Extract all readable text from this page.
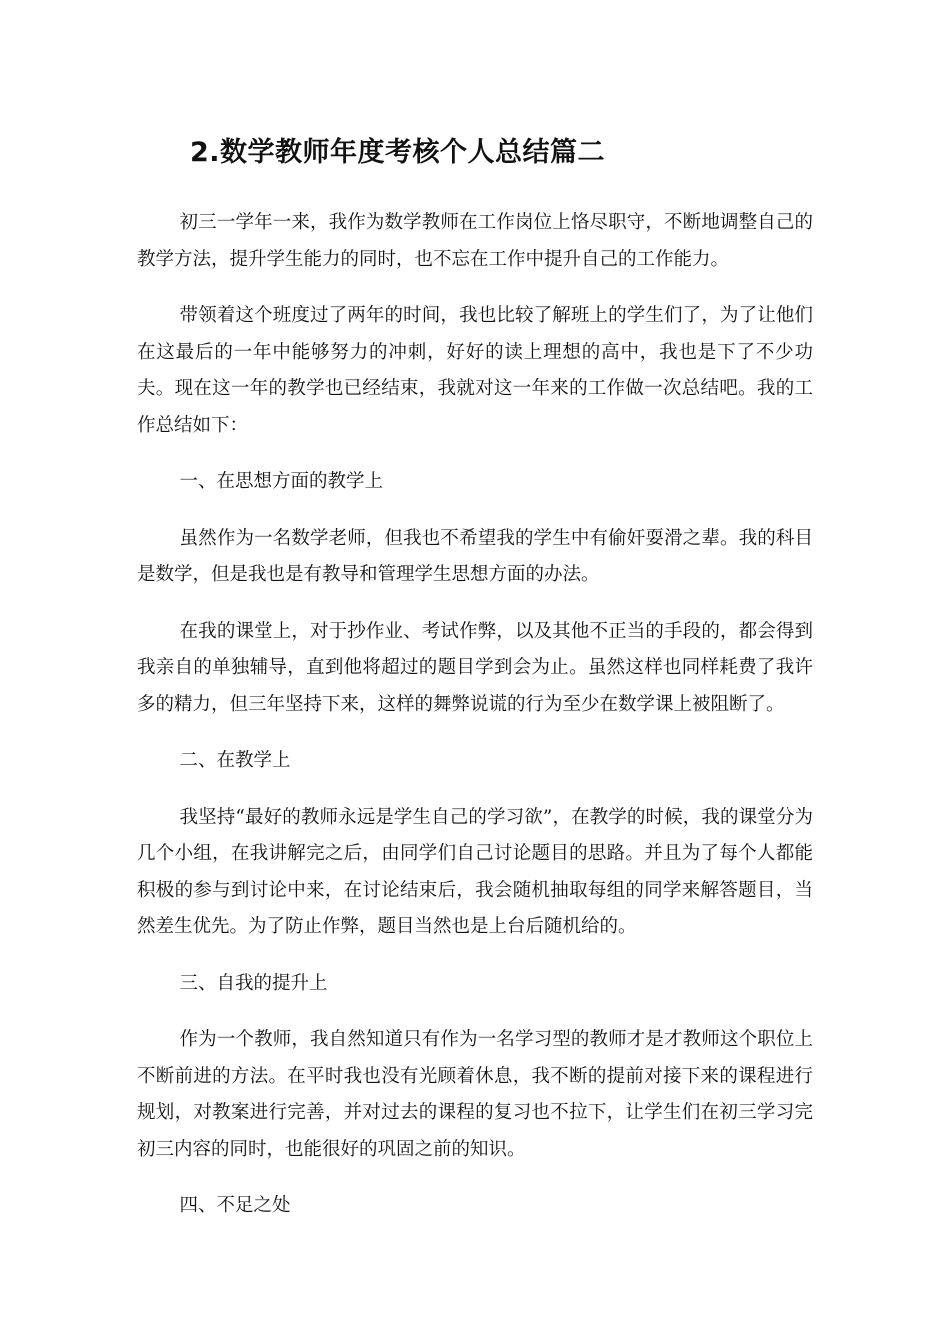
2.数学教师年度考核个人总结篇二

初三一学年一来，我作为数学教师在工作岗位上恪尽职守，不断地调整自己的教学方法，提升学生能力的同时，也不忘在工作中提升自己的工作能力。

带领着这个班度过了两年的时间，我也比较了解班上的学生们了，为了让他们在这最后的一年中能够努力的冲刺，好好的读上理想的高中，我也是下了不少功夫。现在这一年的教学也已经结束，我就对这一年来的工作做一次总结吧。我的工作总结如下：

一、在思想方面的教学上

虽然作为一名数学老师，但我也不希望我的学生中有偷奸耍滑之辈。我的科目是数学，但是我也是有教导和管理学生思想方面的办法。

在我的课堂上，对于抄作业、考试作弊，以及其他不正当的手段的，都会得到我亲自的单独辅导，直到他将超过的题目学到会为止。虽然这样也同样耗费了我许多的精力，但三年坚持下来，这样的舞弊说谎的行为至少在数学课上被阻断了。

二、在教学上

我坚持“最好的教师永远是学生自己的学习欲”，在教学的时候，我的课堂分为几个小组，在我讲解完之后，由同学们自己讨论题目的思路。并且为了每个人都能积极的参与到讨论中来，在讨论结束后，我会随机抽取每组的同学来解答题目，当然差生优先。为了防止作弊，题目当然也是上台后随机给的。

三、自我的提升上

作为一个教师，我自然知道只有作为一名学习型的教师才是才教师这个职位上不断前进的方法。在平时我也没有光顾着休息，我不断的提前对接下来的课程进行规划，对教案进行完善，并对过去的课程的复习也不拉下，让学生们在初三学习完初三内容的同时，也能很好的巩固之前的知识。

四、不足之处
